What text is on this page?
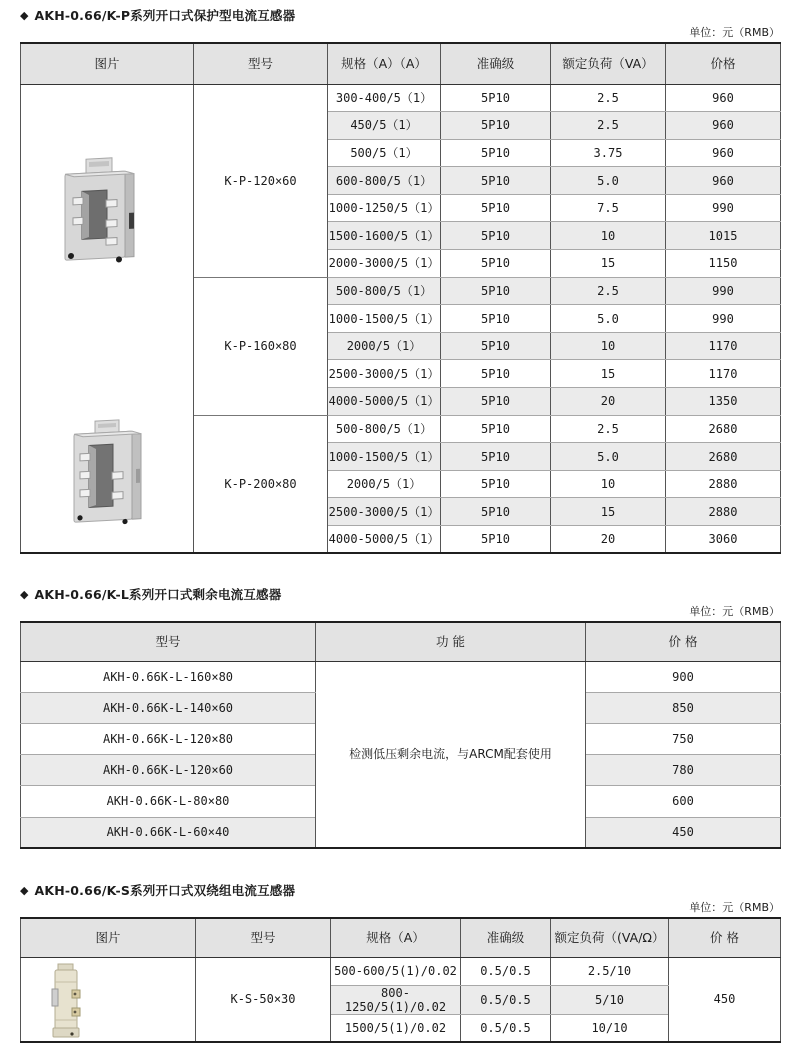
◆ AKH-0.66/K-P系列开口式保护型电流互感器
单位：元（RMB）
图片	型号	规格（A）（A）	准确级	额定负荷（VA）	价格

	K-P-120×60	300-400/5（1）	5P10	2.5	960
		450/5（1）	5P10	2.5	960
		500/5（1）	5P10	3.75	960
		600-800/5（1）	5P10	5.0	960
		1000-1250/5（1）	5P10	7.5	990
		1500-1600/5（1）	5P10	10	1015
		2000-3000/5（1）	5P10	15	1150
	K-P-160×80	500-800/5（1）	5P10	2.5	990
		1000-1500/5（1）	5P10	5.0	990
		2000/5（1）	5P10	10	1170
		2500-3000/5（1）	5P10	15	1170
		4000-5000/5（1）	5P10	20	1350
	K-P-200×80	500-800/5（1）	5P10	2.5	2680
		1000-1500/5（1）	5P10	5.0	2680
		2000/5（1）	5P10	10	2880
		2500-3000/5（1）	5P10	15	2880
		4000-5000/5（1）	5P10	20	3060
◆ AKH-0.66/K-L系列开口式剩余电流互感器
单位：元（RMB）
型号	功 能	价 格
AKH-0.66K-L-160×80	检测低压剩余电流，与ARCM配套使用	900
AKH-0.66K-L-140×60		850
AKH-0.66K-L-120×80		750
AKH-0.66K-L-120×60		780
AKH-0.66K-L-80×80		600
AKH-0.66K-L-60×40		450
◆ AKH-0.66/K-S系列开口式双绕组电流互感器
单位：元（RMB）
图片	型号	规格（A）	准确级	额定负荷（(VA/Ω）	价 格

	K-S-50×30	500-600/5(1)/0.02	0.5/0.5	2.5/10	450
		800-1250/5(1)/0.02	0.5/0.5	5/10	
		1500/5(1)/0.02	0.5/0.5	10/10	
